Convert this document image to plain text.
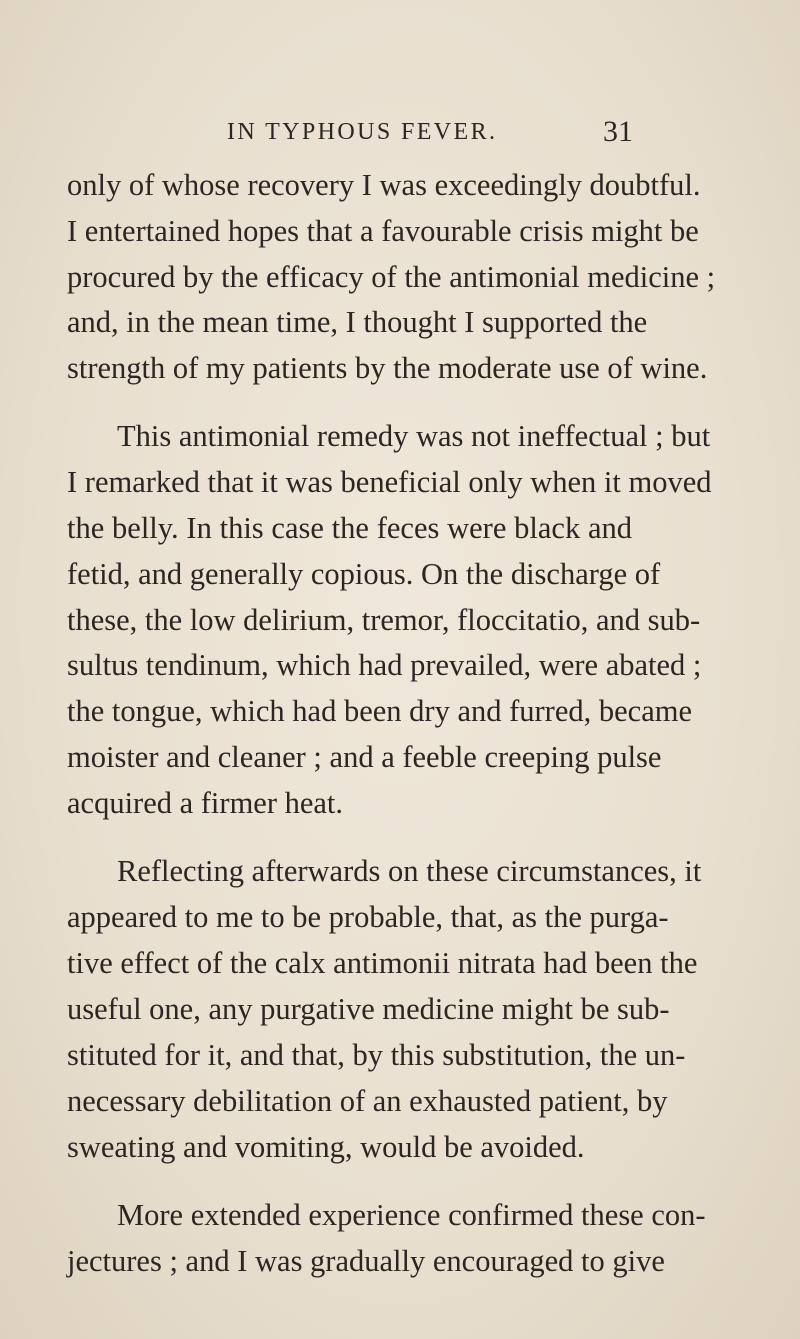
IN TYPHOUS FEVER.	31
only of whose recovery I was exceedingly doubtful.
I entertained hopes that a favourable crisis might be
procured by the efficacy of the antimonial medicine ;
and, in the mean time, I thought I supported the
strength of my patients by the moderate use of wine.
This antimonial remedy was not ineffectual ; but
I remarked that it was beneficial only when it moved
the belly. In this case the feces were black and
fetid, and generally copious. On the discharge of
these, the low delirium, tremor, floccitatio, and sub-
sultus tendinum, which had prevailed, were abated ;
the tongue, which had been dry and furred, became
moister and cleaner ; and a feeble creeping pulse
acquired a firmer heat.
Reflecting afterwards on these circumstances, it
appeared to me to be probable, that, as the purga-
tive effect of the calx antimonii nitrata had been the
useful one, any purgative medicine might be sub-
stituted for it, and that, by this substitution, the un-
necessary debilitation of an exhausted patient, by
sweating and vomiting, would be avoided.
More extended experience confirmed these con-
jectures ; and I was gradually encouraged to give
